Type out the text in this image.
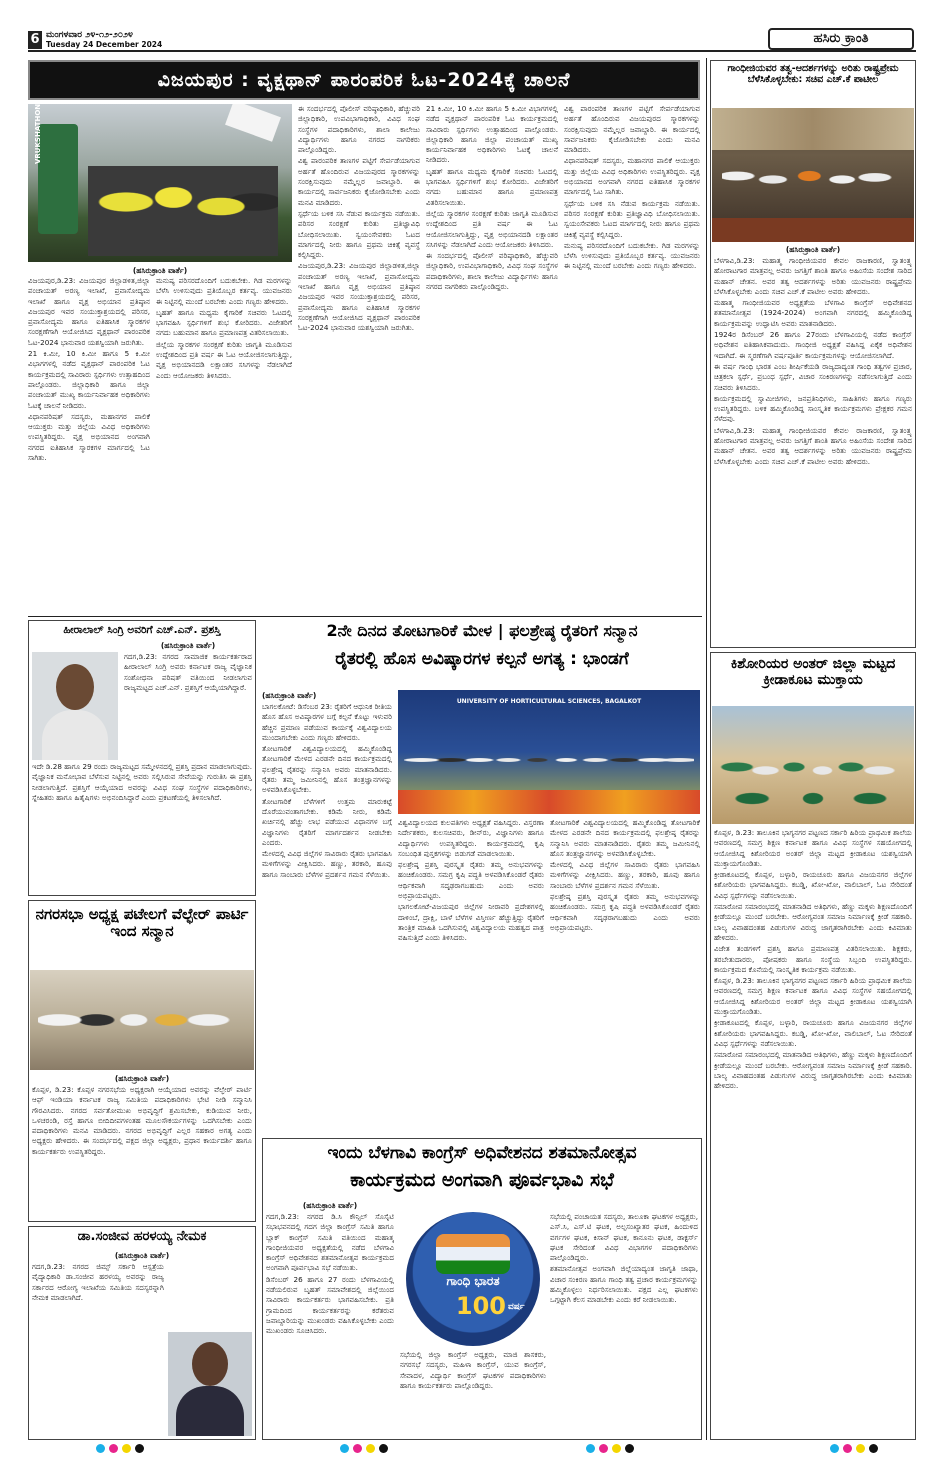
6 ಮಂಗಳವಾರ ೨೪-೧೨-೨೦೨೪
Tuesday 24 December 2024	ಹಸಿರು ಕ್ರಾಂತಿ
ವಿಜಯಪುರ : ವೃಕ್ಷಥಾನ್ ಪಾರಂಪರಿಕ ಓಟ-2024ಕ್ಕೆ ಚಾಲನೆ
VRUKSHATHON
(ಹಸಿರುಕ್ರಾಂತಿ ವಾರ್ತೆ)

ವಿಜಯಪುರ,ಡಿ.23: ವಿಜಯಪುರ ಜಿಲ್ಲಾಡಳಿತ,ಜಿಲ್ಲಾ ಪಂಚಾಯತ್ ಅರಣ್ಯ ಇಲಾಖೆ, ಪ್ರವಾಸೋದ್ಯಮ ಇಲಾಖೆ ಹಾಗೂ ವೃಕ್ಷ ಅಭಿಯಾನ ಪ್ರತಿಷ್ಠಾನ ವಿಜಯಪುರ ಇವರ ಸಂಯುಕ್ತಾಶ್ರಯದಲ್ಲಿ ಪರಿಸರ, ಪ್ರವಾಸೋದ್ಯಮ ಹಾಗೂ ಐತಿಹಾಸಿಕ ಸ್ಮಾರಕಗಳ ಸಂರಕ್ಷಣೆಗಾಗಿ ಆಯೋಜಿಸಿದ ವೃಕ್ಷಥಾನ್ ಪಾರಂಪರಿಕ ಓಟ-2024 ಭಾನುವಾರ ಯಶಸ್ವಿಯಾಗಿ ಜರುಗಿತು.

21 ಕಿ.ಮೀ, 10 ಕಿ.ಮೀ ಹಾಗೂ 5 ಕಿ.ಮೀ ವಿಭಾಗಗಳಲ್ಲಿ ನಡೆದ ವೃಕ್ಷಥಾನ್ ಪಾರಂಪರಿಕ ಓಟ ಕಾರ್ಯಕ್ರಮದಲ್ಲಿ ಸಾವಿರಾರು ಸ್ಪರ್ಧಿಗಳು ಉತ್ಸಾಹದಿಂದ ಪಾಲ್ಗೊಂಡರು. ಜಿಲ್ಲಾಧಿಕಾರಿ ಹಾಗೂ ಜಿಲ್ಲಾ ಪಂಚಾಯತ್ ಮುಖ್ಯ ಕಾರ್ಯನಿರ್ವಾಹಕ ಅಧಿಕಾರಿಗಳು ಓಟಕ್ಕೆ ಚಾಲನೆ ನೀಡಿದರು.

ವಿಧಾನಪರಿಷತ್ ಸದಸ್ಯರು, ಮಹಾನಗರ ಪಾಲಿಕೆ ಆಯುಕ್ತರು ಮತ್ತು ಜಿಲ್ಲೆಯ ವಿವಿಧ ಅಧಿಕಾರಿಗಳು ಉಪಸ್ಥಿತರಿದ್ದರು. ವೃಕ್ಷ ಅಭಿಯಾನದ ಅಂಗವಾಗಿ ನಗರದ ಐತಿಹಾಸಿಕ ಸ್ಮಾರಕಗಳ ಮಾರ್ಗದಲ್ಲಿ ಓಟ ಸಾಗಿತು.

ಮನುಷ್ಯ ಪರಿಸರದೊಂದಿಗೆ ಬದುಕಬೇಕು. ಗಿಡ ಮರಗಳನ್ನು ಬೆಳೆಸಿ ಉಳಿಸುವುದು ಪ್ರತಿಯೊಬ್ಬರ ಕರ್ತವ್ಯ. ಯುವಜನರು ಈ ನಿಟ್ಟಿನಲ್ಲಿ ಮುಂದೆ ಬರಬೇಕು ಎಂದು ಗಣ್ಯರು ಹೇಳಿದರು.

ಬೃಹತ್ ಹಾಗೂ ಮಧ್ಯಮ ಕೈಗಾರಿಕೆ ಸಚಿವರು ಓಟದಲ್ಲಿ ಭಾಗವಹಿಸಿ ಸ್ಪರ್ಧಿಗಳಿಗೆ ಶುಭ ಕೋರಿದರು. ವಿಜೇತರಿಗೆ ನಗದು ಬಹುಮಾನ ಹಾಗೂ ಪ್ರಮಾಣಪತ್ರ ವಿತರಿಸಲಾಯಿತು.

ಜಿಲ್ಲೆಯ ಸ್ಮಾರಕಗಳ ಸಂರಕ್ಷಣೆ ಕುರಿತು ಜಾಗೃತಿ ಮೂಡಿಸುವ ಉದ್ದೇಶದಿಂದ ಪ್ರತಿ ವರ್ಷ ಈ ಓಟ ಆಯೋಜಿಸಲಾಗುತ್ತಿದ್ದು, ವೃಕ್ಷ ಅಭಿಯಾನದಡಿ ಲಕ್ಷಾಂತರ ಸಸಿಗಳನ್ನು ನೆಡಲಾಗಿದೆ ಎಂದು ಆಯೋಜಕರು ತಿಳಿಸಿದರು.

ಈ ಸಂದರ್ಭದಲ್ಲಿ ಪೊಲೀಸ್ ವರಿಷ್ಠಾಧಿಕಾರಿ, ಹೆಚ್ಚುವರಿ ಜಿಲ್ಲಾಧಿಕಾರಿ, ಉಪವಿಭಾಗಾಧಿಕಾರಿ, ವಿವಿಧ ಸಂಘ ಸಂಸ್ಥೆಗಳ ಪದಾಧಿಕಾರಿಗಳು, ಶಾಲಾ ಕಾಲೇಜು ವಿದ್ಯಾರ್ಥಿಗಳು ಹಾಗೂ ನಗರದ ನಾಗರಿಕರು ಪಾಲ್ಗೊಂಡಿದ್ದರು.

ವಿಶ್ವ ಪಾರಂಪರಿಕ ತಾಣಗಳ ಪಟ್ಟಿಗೆ ಸೇರ್ಪಡೆಯಾಗುವ ಅರ್ಹತೆ ಹೊಂದಿರುವ ವಿಜಯಪುರದ ಸ್ಮಾರಕಗಳನ್ನು ಸಂರಕ್ಷಿಸುವುದು ನಮ್ಮೆಲ್ಲರ ಜವಾಬ್ದಾರಿ. ಈ ಕಾರ್ಯದಲ್ಲಿ ಸಾರ್ವಜನಿಕರು ಕೈಜೋಡಿಸಬೇಕು ಎಂದು ಮನವಿ ಮಾಡಿದರು.

ಸ್ಪರ್ಧೆಯ ಬಳಿಕ ಸಸಿ ನೆಡುವ ಕಾರ್ಯಕ್ರಮ ನಡೆಯಿತು. ಪರಿಸರ ಸಂರಕ್ಷಣೆ ಕುರಿತು ಪ್ರತಿಜ್ಞಾವಿಧಿ ಬೋಧಿಸಲಾಯಿತು. ಸ್ವಯಂಸೇವಕರು ಓಟದ ಮಾರ್ಗದಲ್ಲಿ ನೀರು ಹಾಗೂ ಪ್ರಥಮ ಚಿಕಿತ್ಸೆ ವ್ಯವಸ್ಥೆ ಕಲ್ಪಿಸಿದ್ದರು.

ವಿಜಯಪುರ,ಡಿ.23: ವಿಜಯಪುರ ಜಿಲ್ಲಾಡಳಿತ,ಜಿಲ್ಲಾ ಪಂಚಾಯತ್ ಅರಣ್ಯ ಇಲಾಖೆ, ಪ್ರವಾಸೋದ್ಯಮ ಇಲಾಖೆ ಹಾಗೂ ವೃಕ್ಷ ಅಭಿಯಾನ ಪ್ರತಿಷ್ಠಾನ ವಿಜಯಪುರ ಇವರ ಸಂಯುಕ್ತಾಶ್ರಯದಲ್ಲಿ ಪರಿಸರ, ಪ್ರವಾಸೋದ್ಯಮ ಹಾಗೂ ಐತಿಹಾಸಿಕ ಸ್ಮಾರಕಗಳ ಸಂರಕ್ಷಣೆಗಾಗಿ ಆಯೋಜಿಸಿದ ವೃಕ್ಷಥಾನ್ ಪಾರಂಪರಿಕ ಓಟ-2024 ಭಾನುವಾರ ಯಶಸ್ವಿಯಾಗಿ ಜರುಗಿತು.

21 ಕಿ.ಮೀ, 10 ಕಿ.ಮೀ ಹಾಗೂ 5 ಕಿ.ಮೀ ವಿಭಾಗಗಳಲ್ಲಿ ನಡೆದ ವೃಕ್ಷಥಾನ್ ಪಾರಂಪರಿಕ ಓಟ ಕಾರ್ಯಕ್ರಮದಲ್ಲಿ ಸಾವಿರಾರು ಸ್ಪರ್ಧಿಗಳು ಉತ್ಸಾಹದಿಂದ ಪಾಲ್ಗೊಂಡರು. ಜಿಲ್ಲಾಧಿಕಾರಿ ಹಾಗೂ ಜಿಲ್ಲಾ ಪಂಚಾಯತ್ ಮುಖ್ಯ ಕಾರ್ಯನಿರ್ವಾಹಕ ಅಧಿಕಾರಿಗಳು ಓಟಕ್ಕೆ ಚಾಲನೆ ನೀಡಿದರು.

ಬೃಹತ್ ಹಾಗೂ ಮಧ್ಯಮ ಕೈಗಾರಿಕೆ ಸಚಿವರು ಓಟದಲ್ಲಿ ಭಾಗವಹಿಸಿ ಸ್ಪರ್ಧಿಗಳಿಗೆ ಶುಭ ಕೋರಿದರು. ವಿಜೇತರಿಗೆ ನಗದು ಬಹುಮಾನ ಹಾಗೂ ಪ್ರಮಾಣಪತ್ರ ವಿತರಿಸಲಾಯಿತು.

ಜಿಲ್ಲೆಯ ಸ್ಮಾರಕಗಳ ಸಂರಕ್ಷಣೆ ಕುರಿತು ಜಾಗೃತಿ ಮೂಡಿಸುವ ಉದ್ದೇಶದಿಂದ ಪ್ರತಿ ವರ್ಷ ಈ ಓಟ ಆಯೋಜಿಸಲಾಗುತ್ತಿದ್ದು, ವೃಕ್ಷ ಅಭಿಯಾನದಡಿ ಲಕ್ಷಾಂತರ ಸಸಿಗಳನ್ನು ನೆಡಲಾಗಿದೆ ಎಂದು ಆಯೋಜಕರು ತಿಳಿಸಿದರು.

ಈ ಸಂದರ್ಭದಲ್ಲಿ ಪೊಲೀಸ್ ವರಿಷ್ಠಾಧಿಕಾರಿ, ಹೆಚ್ಚುವರಿ ಜಿಲ್ಲಾಧಿಕಾರಿ, ಉಪವಿಭಾಗಾಧಿಕಾರಿ, ವಿವಿಧ ಸಂಘ ಸಂಸ್ಥೆಗಳ ಪದಾಧಿಕಾರಿಗಳು, ಶಾಲಾ ಕಾಲೇಜು ವಿದ್ಯಾರ್ಥಿಗಳು ಹಾಗೂ ನಗರದ ನಾಗರಿಕರು ಪಾಲ್ಗೊಂಡಿದ್ದರು.

ವಿಶ್ವ ಪಾರಂಪರಿಕ ತಾಣಗಳ ಪಟ್ಟಿಗೆ ಸೇರ್ಪಡೆಯಾಗುವ ಅರ್ಹತೆ ಹೊಂದಿರುವ ವಿಜಯಪುರದ ಸ್ಮಾರಕಗಳನ್ನು ಸಂರಕ್ಷಿಸುವುದು ನಮ್ಮೆಲ್ಲರ ಜವಾಬ್ದಾರಿ. ಈ ಕಾರ್ಯದಲ್ಲಿ ಸಾರ್ವಜನಿಕರು ಕೈಜೋಡಿಸಬೇಕು ಎಂದು ಮನವಿ ಮಾಡಿದರು.

ವಿಧಾನಪರಿಷತ್ ಸದಸ್ಯರು, ಮಹಾನಗರ ಪಾಲಿಕೆ ಆಯುಕ್ತರು ಮತ್ತು ಜಿಲ್ಲೆಯ ವಿವಿಧ ಅಧಿಕಾರಿಗಳು ಉಪಸ್ಥಿತರಿದ್ದರು. ವೃಕ್ಷ ಅಭಿಯಾನದ ಅಂಗವಾಗಿ ನಗರದ ಐತಿಹಾಸಿಕ ಸ್ಮಾರಕಗಳ ಮಾರ್ಗದಲ್ಲಿ ಓಟ ಸಾಗಿತು.

ಸ್ಪರ್ಧೆಯ ಬಳಿಕ ಸಸಿ ನೆಡುವ ಕಾರ್ಯಕ್ರಮ ನಡೆಯಿತು. ಪರಿಸರ ಸಂರಕ್ಷಣೆ ಕುರಿತು ಪ್ರತಿಜ್ಞಾವಿಧಿ ಬೋಧಿಸಲಾಯಿತು. ಸ್ವಯಂಸೇವಕರು ಓಟದ ಮಾರ್ಗದಲ್ಲಿ ನೀರು ಹಾಗೂ ಪ್ರಥಮ ಚಿಕಿತ್ಸೆ ವ್ಯವಸ್ಥೆ ಕಲ್ಪಿಸಿದ್ದರು.

ಮನುಷ್ಯ ಪರಿಸರದೊಂದಿಗೆ ಬದುಕಬೇಕು. ಗಿಡ ಮರಗಳನ್ನು ಬೆಳೆಸಿ ಉಳಿಸುವುದು ಪ್ರತಿಯೊಬ್ಬರ ಕರ್ತವ್ಯ. ಯುವಜನರು ಈ ನಿಟ್ಟಿನಲ್ಲಿ ಮುಂದೆ ಬರಬೇಕು ಎಂದು ಗಣ್ಯರು ಹೇಳಿದರು.

ಗಾಂಧೀಜಿಯವರ ತತ್ವ-ಆದರ್ಶಗಳನ್ನು ಅರಿತು ರಾಷ್ಟ್ರಪ್ರೇಮ ಬೆಳೆಸಿಕೊಳ್ಳಬೇಕು: ಸಚಿವ ಎಚ್.ಕೆ ಪಾಟೀಲ
(ಹಸಿರುಕ್ರಾಂತಿ ವಾರ್ತೆ)

ಬೆಳಗಾವಿ,ಡಿ.23: ಮಹಾತ್ಮ ಗಾಂಧೀಜಿಯವರ ಕೇವಲ ರಾಜಕಾರಣಿ, ಸ್ವಾತಂತ್ರ್ಯ ಹೋರಾಟಗಾರ ಮಾತ್ರವಲ್ಲ ಅವರು ಜಗತ್ತಿಗೆ ಶಾಂತಿ ಹಾಗೂ ಅಹಿಂಸೆಯ ಸಂದೇಶ ಸಾರಿದ ಮಹಾನ್ ಚೇತನ. ಅವರ ತತ್ವ ಆದರ್ಶಗಳನ್ನು ಅರಿತು ಯುವಜನರು ರಾಷ್ಟ್ರಪ್ರೇಮ ಬೆಳೆಸಿಕೊಳ್ಳಬೇಕು ಎಂದು ಸಚಿವ ಎಚ್.ಕೆ ಪಾಟೀಲ ಅವರು ಹೇಳಿದರು.

ಮಹಾತ್ಮ ಗಾಂಧೀಜಿಯವರ ಅಧ್ಯಕ್ಷತೆಯ ಬೆಳಗಾವಿ ಕಾಂಗ್ರೆಸ್ ಅಧಿವೇಶನದ ಶತಮಾನೋತ್ಸವ (1924-2024) ಅಂಗವಾಗಿ ನಗರದಲ್ಲಿ ಹಮ್ಮಿಕೊಂಡಿದ್ದ ಕಾರ್ಯಕ್ರಮವನ್ನು ಉದ್ಘಾಟಿಸಿ ಅವರು ಮಾತನಾಡಿದರು.

1924ರ ಡಿಸೆಂಬರ್ 26 ಹಾಗೂ 27ರಂದು ಬೆಳಗಾವಿಯಲ್ಲಿ ನಡೆದ ಕಾಂಗ್ರೆಸ್ ಅಧಿವೇಶನ ಐತಿಹಾಸಿಕವಾದುದು. ಗಾಂಧೀಜಿ ಅಧ್ಯಕ್ಷತೆ ವಹಿಸಿದ್ದ ಏಕೈಕ ಅಧಿವೇಶನ ಇದಾಗಿದೆ. ಈ ಸ್ಮರಣೆಗಾಗಿ ವರ್ಷಪೂರ್ತಿ ಕಾರ್ಯಕ್ರಮಗಳನ್ನು ಆಯೋಜಿಸಲಾಗಿದೆ.

ಈ ವರ್ಷ ಗಾಂಧಿ ಭಾರತ ಎಂಬ ಶೀರ್ಷಿಕೆಯಡಿ ರಾಜ್ಯದಾದ್ಯಂತ ಗಾಂಧಿ ತತ್ವಗಳ ಪ್ರಚಾರ, ಚಿತ್ರಕಲಾ ಸ್ಪರ್ಧೆ, ಪ್ರಬಂಧ ಸ್ಪರ್ಧೆ, ವಿಚಾರ ಸಂಕಿರಣಗಳನ್ನು ನಡೆಸಲಾಗುತ್ತಿದೆ ಎಂದು ಸಚಿವರು ತಿಳಿಸಿದರು.

ಕಾರ್ಯಕ್ರಮದಲ್ಲಿ ಸ್ವಾಮೀಜಿಗಳು, ಜನಪ್ರತಿನಿಧಿಗಳು, ಸಾಹಿತಿಗಳು ಹಾಗೂ ಗಣ್ಯರು ಉಪಸ್ಥಿತರಿದ್ದರು. ಬಳಿಕ ಹಮ್ಮಿಕೊಂಡಿದ್ದ ಸಾಂಸ್ಕೃತಿಕ ಕಾರ್ಯಕ್ರಮಗಳು ಪ್ರೇಕ್ಷಕರ ಗಮನ ಸೆಳೆದವು.

ಬೆಳಗಾವಿ,ಡಿ.23: ಮಹಾತ್ಮ ಗಾಂಧೀಜಿಯವರ ಕೇವಲ ರಾಜಕಾರಣಿ, ಸ್ವಾತಂತ್ರ್ಯ ಹೋರಾಟಗಾರ ಮಾತ್ರವಲ್ಲ ಅವರು ಜಗತ್ತಿಗೆ ಶಾಂತಿ ಹಾಗೂ ಅಹಿಂಸೆಯ ಸಂದೇಶ ಸಾರಿದ ಮಹಾನ್ ಚೇತನ. ಅವರ ತತ್ವ ಆದರ್ಶಗಳನ್ನು ಅರಿತು ಯುವಜನರು ರಾಷ್ಟ್ರಪ್ರೇಮ ಬೆಳೆಸಿಕೊಳ್ಳಬೇಕು ಎಂದು ಸಚಿವ ಎಚ್.ಕೆ ಪಾಟೀಲ ಅವರು ಹೇಳಿದರು.

ಕಿಶೋರಿಯರ ಅಂತರ್ ಜಿಲ್ಲಾ ಮಟ್ಟದ ಕ್ರೀಡಾಕೂಟ ಮುಕ್ತಾಯ

ಕೊಪ್ಪಳ, ಡಿ.23: ತಾಲೂಕಿನ ಭಾಗ್ಯನಗರ ಪಟ್ಟಣದ ಸರ್ಕಾರಿ ಹಿರಿಯ ಪ್ರಾಥಮಿಕ ಶಾಲೆಯ ಆವರಣದಲ್ಲಿ ಸಮಗ್ರ ಶಿಕ್ಷಣ ಕರ್ನಾಟಕ ಹಾಗೂ ವಿವಿಧ ಸಂಸ್ಥೆಗಳ ಸಹಯೋಗದಲ್ಲಿ ಆಯೋಜಿಸಿದ್ದ ಕಿಶೋರಿಯರ ಅಂತರ್ ಜಿಲ್ಲಾ ಮಟ್ಟದ ಕ್ರೀಡಾಕೂಟ ಯಶಸ್ವಿಯಾಗಿ ಮುಕ್ತಾಯಗೊಂಡಿತು.

ಕ್ರೀಡಾಕೂಟದಲ್ಲಿ ಕೊಪ್ಪಳ, ಬಳ್ಳಾರಿ, ರಾಯಚೂರು ಹಾಗೂ ವಿಜಯನಗರ ಜಿಲ್ಲೆಗಳ ಕಿಶೋರಿಯರು ಭಾಗವಹಿಸಿದ್ದರು. ಕಬಡ್ಡಿ, ಖೋ-ಖೋ, ವಾಲಿಬಾಲ್, ಓಟ ಸೇರಿದಂತೆ ವಿವಿಧ ಸ್ಪರ್ಧೆಗಳನ್ನು ನಡೆಸಲಾಯಿತು.

ಸಮಾರೋಪ ಸಮಾರಂಭದಲ್ಲಿ ಮಾತನಾಡಿದ ಅತಿಥಿಗಳು, ಹೆಣ್ಣು ಮಕ್ಕಳು ಶಿಕ್ಷಣದೊಂದಿಗೆ ಕ್ರೀಡೆಯಲ್ಲೂ ಮುಂದೆ ಬರಬೇಕು. ಆರೋಗ್ಯವಂತ ಸಮಾಜ ನಿರ್ಮಾಣಕ್ಕೆ ಕ್ರೀಡೆ ಸಹಕಾರಿ. ಬಾಲ್ಯ ವಿವಾಹದಂತಹ ಪಿಡುಗುಗಳ ವಿರುದ್ಧ ಜಾಗೃತರಾಗಿರಬೇಕು ಎಂದು ಕಿವಿಮಾತು ಹೇಳಿದರು.

ವಿಜೇತ ತಂಡಗಳಿಗೆ ಪ್ರಶಸ್ತಿ ಹಾಗೂ ಪ್ರಮಾಣಪತ್ರ ವಿತರಿಸಲಾಯಿತು. ಶಿಕ್ಷಕರು, ತರಬೇತುದಾರರು, ಪೋಷಕರು ಹಾಗೂ ಸಂಸ್ಥೆಯ ಸಿಬ್ಬಂದಿ ಉಪಸ್ಥಿತರಿದ್ದರು. ಕಾರ್ಯಕ್ರಮದ ಕೊನೆಯಲ್ಲಿ ಸಾಂಸ್ಕೃತಿಕ ಕಾರ್ಯಕ್ರಮ ನಡೆಯಿತು.

ಕೊಪ್ಪಳ, ಡಿ.23: ತಾಲೂಕಿನ ಭಾಗ್ಯನಗರ ಪಟ್ಟಣದ ಸರ್ಕಾರಿ ಹಿರಿಯ ಪ್ರಾಥಮಿಕ ಶಾಲೆಯ ಆವರಣದಲ್ಲಿ ಸಮಗ್ರ ಶಿಕ್ಷಣ ಕರ್ನಾಟಕ ಹಾಗೂ ವಿವಿಧ ಸಂಸ್ಥೆಗಳ ಸಹಯೋಗದಲ್ಲಿ ಆಯೋಜಿಸಿದ್ದ ಕಿಶೋರಿಯರ ಅಂತರ್ ಜಿಲ್ಲಾ ಮಟ್ಟದ ಕ್ರೀಡಾಕೂಟ ಯಶಸ್ವಿಯಾಗಿ ಮುಕ್ತಾಯಗೊಂಡಿತು.

ಕ್ರೀಡಾಕೂಟದಲ್ಲಿ ಕೊಪ್ಪಳ, ಬಳ್ಳಾರಿ, ರಾಯಚೂರು ಹಾಗೂ ವಿಜಯನಗರ ಜಿಲ್ಲೆಗಳ ಕಿಶೋರಿಯರು ಭಾಗವಹಿಸಿದ್ದರು. ಕಬಡ್ಡಿ, ಖೋ-ಖೋ, ವಾಲಿಬಾಲ್, ಓಟ ಸೇರಿದಂತೆ ವಿವಿಧ ಸ್ಪರ್ಧೆಗಳನ್ನು ನಡೆಸಲಾಯಿತು.

ಸಮಾರೋಪ ಸಮಾರಂಭದಲ್ಲಿ ಮಾತನಾಡಿದ ಅತಿಥಿಗಳು, ಹೆಣ್ಣು ಮಕ್ಕಳು ಶಿಕ್ಷಣದೊಂದಿಗೆ ಕ್ರೀಡೆಯಲ್ಲೂ ಮುಂದೆ ಬರಬೇಕು. ಆರೋಗ್ಯವಂತ ಸಮಾಜ ನಿರ್ಮಾಣಕ್ಕೆ ಕ್ರೀಡೆ ಸಹಕಾರಿ. ಬಾಲ್ಯ ವಿವಾಹದಂತಹ ಪಿಡುಗುಗಳ ವಿರುದ್ಧ ಜಾಗೃತರಾಗಿರಬೇಕು ಎಂದು ಕಿವಿಮಾತು ಹೇಳಿದರು.

ಹೀರಾಲಾಲ್ ಸಿಂಗ್ರಿ ಅವರಿಗೆ ಎಚ್.ಎನ್. ಪ್ರಶಸ್ತಿ
(ಹಸಿರುಕ್ರಾಂತಿ ವಾರ್ತೆ)
ಗದಗ,ಡಿ.23: ನಗರದ ಸಾಮಾಜಿಕ ಕಾರ್ಯಕರ್ತರಾದ ಹೀರಾಲಾಲ್ ಸಿಂಗ್ರಿ ಅವರು ಕರ್ನಾಟಕ ರಾಜ್ಯ ವೈಜ್ಞಾನಿಕ ಸಂಶೋಧನಾ ಪರಿಷತ್ ವತಿಯಿಂದ ನೀಡಲಾಗುವ ರಾಜ್ಯಮಟ್ಟದ ಎಚ್.ಎನ್. ಪ್ರಶಸ್ತಿಗೆ ಆಯ್ಕೆಯಾಗಿದ್ದಾರೆ.
ಇದೇ ಡಿ.28 ಹಾಗೂ 29 ರಂದು ರಾಜ್ಯಮಟ್ಟದ ಸಮ್ಮೇಳನದಲ್ಲಿ ಪ್ರಶಸ್ತಿ ಪ್ರದಾನ ಮಾಡಲಾಗುವುದು. ವೈಜ್ಞಾನಿಕ ಮನೋಭಾವ ಬೆಳೆಸುವ ನಿಟ್ಟಿನಲ್ಲಿ ಅವರು ಸಲ್ಲಿಸಿರುವ ಸೇವೆಯನ್ನು ಗುರುತಿಸಿ ಈ ಪ್ರಶಸ್ತಿ ನೀಡಲಾಗುತ್ತಿದೆ. ಪ್ರಶಸ್ತಿಗೆ ಆಯ್ಕೆಯಾದ ಅವರನ್ನು ವಿವಿಧ ಸಂಘ ಸಂಸ್ಥೆಗಳ ಪದಾಧಿಕಾರಿಗಳು, ಸ್ನೇಹಿತರು ಹಾಗೂ ಹಿತೈಷಿಗಳು ಅಭಿನಂದಿಸಿದ್ದಾರೆ ಎಂದು ಪ್ರಕಟಣೆಯಲ್ಲಿ ತಿಳಿಸಲಾಗಿದೆ.
ನಗರಸಭಾ ಅಧ್ಯಕ್ಷ ಪಟೇಲಗೆ ವೆಲ್ಫೇರ್ ಪಾರ್ಟಿ ಇಂದ ಸನ್ಮಾನ
(ಹಸಿರುಕ್ರಾಂತಿ ವಾರ್ತೆ)
ಕೊಪ್ಪಳ, ಡಿ.23: ಕೊಪ್ಪಳ ನಗರಸಭೆಯ ಅಧ್ಯಕ್ಷರಾಗಿ ಆಯ್ಕೆಯಾದ ಅವರನ್ನು ವೆಲ್ಫೇರ್ ಪಾರ್ಟಿ ಆಫ್ ಇಂಡಿಯಾ ಕರ್ನಾಟಕ ರಾಜ್ಯ ಸಮಿತಿಯ ಪದಾಧಿಕಾರಿಗಳು ಭೇಟಿ ನೀಡಿ ಸನ್ಮಾನಿಸಿ ಗೌರವಿಸಿದರು. ನಗರದ ಸರ್ವತೋಮುಖ ಅಭಿವೃದ್ಧಿಗೆ ಶ್ರಮಿಸಬೇಕು, ಕುಡಿಯುವ ನೀರು, ಒಳಚರಂಡಿ, ರಸ್ತೆ ಹಾಗೂ ಬೀದಿದೀಪಗಳಂತಹ ಮೂಲಸೌಕರ್ಯಗಳನ್ನು ಒದಗಿಸಬೇಕು ಎಂದು ಪದಾಧಿಕಾರಿಗಳು ಮನವಿ ಮಾಡಿದರು. ನಗರದ ಅಭಿವೃದ್ಧಿಗೆ ಎಲ್ಲರ ಸಹಕಾರ ಅಗತ್ಯ ಎಂದು ಅಧ್ಯಕ್ಷರು ಹೇಳಿದರು. ಈ ಸಂದರ್ಭದಲ್ಲಿ ಪಕ್ಷದ ಜಿಲ್ಲಾ ಅಧ್ಯಕ್ಷರು, ಪ್ರಧಾನ ಕಾರ್ಯದರ್ಶಿ ಹಾಗೂ ಕಾರ್ಯಕರ್ತರು ಉಪಸ್ಥಿತರಿದ್ದರು.
ಡಾ.ಸಂಜೀವ ಹರಳಯ್ಯ ನೇಮಕ
(ಹಸಿರುಕ್ರಾಂತಿ ವಾರ್ತೆ)
ಗದಗ,ಡಿ.23: ನಗರದ ಜಿಮ್ಸ್ ಸರ್ಕಾರಿ ಆಸ್ಪತ್ರೆಯ ವೈದ್ಯಾಧಿಕಾರಿ ಡಾ.ಸಂಜೀವ ಹರಳಯ್ಯ ಅವರನ್ನು ರಾಜ್ಯ ಸರ್ಕಾರದ ಆರೋಗ್ಯ ಇಲಾಖೆಯ ಸಮಿತಿಯ ಸದಸ್ಯರನ್ನಾಗಿ ನೇಮಕ ಮಾಡಲಾಗಿದೆ.
2ನೇ ದಿನದ ತೋಟಗಾರಿಕೆ ಮೇಳ | ಫಲಶ್ರೇಷ್ಠ ರೈತರಿಗೆ ಸನ್ಮಾನ
ರೈತರಲ್ಲಿ ಹೊಸ ಅವಿಷ್ಕಾರಗಳ ಕಲ್ಪನೆ ಅಗತ್ಯ : ಭಾಂಡಗೆ
(ಹಸಿರುಕ್ರಾಂತಿ ವಾರ್ತೆ)

ಬಾಗಲಕೋಟೆ: ಡಿಸೆಂಬರ 23: ರೈತರಿಗೆ ಆಧುನಿಕ ರೀತಿಯ ಹೊಸ ಹೊಸ ಅವಿಷ್ಕಾರಗಳ ಬಗ್ಗೆ ಕಲ್ಪನೆ ಕೊಟ್ಟು ಇಳುವರಿ ಹೆಚ್ಚಿನ ಪ್ರಮಾಣ ಪಡೆಯುವ ಕಾರ್ಯಕ್ಕೆ ವಿಶ್ವವಿದ್ಯಾಲಯ ಮುಂದಾಗಬೇಕು ಎಂದು ಗಣ್ಯರು ಹೇಳಿದರು.

ತೋಟಗಾರಿಕೆ ವಿಶ್ವವಿದ್ಯಾಲಯದಲ್ಲಿ ಹಮ್ಮಿಕೊಂಡಿದ್ದ ತೋಟಗಾರಿಕೆ ಮೇಳದ ಎರಡನೇ ದಿನದ ಕಾರ್ಯಕ್ರಮದಲ್ಲಿ ಫಲಶ್ರೇಷ್ಠ ರೈತರನ್ನು ಸನ್ಮಾನಿಸಿ ಅವರು ಮಾತನಾಡಿದರು. ರೈತರು ತಮ್ಮ ಜಮೀನಿನಲ್ಲಿ ಹೊಸ ತಂತ್ರಜ್ಞಾನಗಳನ್ನು ಅಳವಡಿಸಿಕೊಳ್ಳಬೇಕು.

ತೋಟಗಾರಿಕೆ ಬೆಳೆಗಳಿಗೆ ಉತ್ತಮ ಮಾರುಕಟ್ಟೆ ದೊರೆಯುವಂತಾಗಬೇಕು. ಕಡಿಮೆ ನೀರು, ಕಡಿಮೆ ಖರ್ಚಿನಲ್ಲಿ ಹೆಚ್ಚು ಲಾಭ ಪಡೆಯುವ ವಿಧಾನಗಳ ಬಗ್ಗೆ ವಿಜ್ಞಾನಿಗಳು ರೈತರಿಗೆ ಮಾರ್ಗದರ್ಶನ ನೀಡಬೇಕು ಎಂದರು.

ಮೇಳದಲ್ಲಿ ವಿವಿಧ ಜಿಲ್ಲೆಗಳ ಸಾವಿರಾರು ರೈತರು ಭಾಗವಹಿಸಿ ಮಳಿಗೆಗಳನ್ನು ವೀಕ್ಷಿಸಿದರು. ಹಣ್ಣು, ತರಕಾರಿ, ಹೂವು ಹಾಗೂ ಸಾಂಬಾರು ಬೆಳೆಗಳ ಪ್ರದರ್ಶನ ಗಮನ ಸೆಳೆಯಿತು.

UNIVERSITY OF HORTICULTURAL SCIENCES, BAGALKOT

ವಿಶ್ವವಿದ್ಯಾಲಯದ ಕುಲಪತಿಗಳು ಅಧ್ಯಕ್ಷತೆ ವಹಿಸಿದ್ದರು. ವಿಸ್ತರಣಾ ನಿರ್ದೇಶಕರು, ಕುಲಸಚಿವರು, ಡೀನ್‌ರು, ವಿಜ್ಞಾನಿಗಳು ಹಾಗೂ ವಿದ್ಯಾರ್ಥಿಗಳು ಉಪಸ್ಥಿತರಿದ್ದರು. ಕಾರ್ಯಕ್ರಮದಲ್ಲಿ ಕೃಷಿ ಸಂಬಂಧಿತ ಪುಸ್ತಕಗಳನ್ನು ಬಿಡುಗಡೆ ಮಾಡಲಾಯಿತು.

ಫಲಶ್ರೇಷ್ಠ ಪ್ರಶಸ್ತಿ ಪುರಸ್ಕೃತ ರೈತರು ತಮ್ಮ ಅನುಭವಗಳನ್ನು ಹಂಚಿಕೊಂಡರು. ಸಮಗ್ರ ಕೃಷಿ ಪದ್ಧತಿ ಅಳವಡಿಸಿಕೊಂಡರೆ ರೈತರು ಆರ್ಥಿಕವಾಗಿ ಸದೃಢರಾಗಬಹುದು ಎಂದು ಅವರು ಅಭಿಪ್ರಾಯಪಟ್ಟರು.

ಭಾಗಲಕೋಟೆ-ವಿಜಯಪುರ ಜಿಲ್ಲೆಗಳ ನೀರಾವರಿ ಪ್ರದೇಶಗಳಲ್ಲಿ ದಾಳಿಂಬೆ, ದ್ರಾಕ್ಷಿ, ಬಾಳೆ ಬೆಳೆಗಳ ವಿಸ್ತೀರ್ಣ ಹೆಚ್ಚುತ್ತಿದ್ದು ರೈತರಿಗೆ ತಾಂತ್ರಿಕ ಮಾಹಿತಿ ಒದಗಿಸುವಲ್ಲಿ ವಿಶ್ವವಿದ್ಯಾಲಯ ಮಹತ್ವದ ಪಾತ್ರ ವಹಿಸುತ್ತಿದೆ ಎಂದು ತಿಳಿಸಿದರು.

ತೋಟಗಾರಿಕೆ ವಿಶ್ವವಿದ್ಯಾಲಯದಲ್ಲಿ ಹಮ್ಮಿಕೊಂಡಿದ್ದ ತೋಟಗಾರಿಕೆ ಮೇಳದ ಎರಡನೇ ದಿನದ ಕಾರ್ಯಕ್ರಮದಲ್ಲಿ ಫಲಶ್ರೇಷ್ಠ ರೈತರನ್ನು ಸನ್ಮಾನಿಸಿ ಅವರು ಮಾತನಾಡಿದರು. ರೈತರು ತಮ್ಮ ಜಮೀನಿನಲ್ಲಿ ಹೊಸ ತಂತ್ರಜ್ಞಾನಗಳನ್ನು ಅಳವಡಿಸಿಕೊಳ್ಳಬೇಕು.

ಮೇಳದಲ್ಲಿ ವಿವಿಧ ಜಿಲ್ಲೆಗಳ ಸಾವಿರಾರು ರೈತರು ಭಾಗವಹಿಸಿ ಮಳಿಗೆಗಳನ್ನು ವೀಕ್ಷಿಸಿದರು. ಹಣ್ಣು, ತರಕಾರಿ, ಹೂವು ಹಾಗೂ ಸಾಂಬಾರು ಬೆಳೆಗಳ ಪ್ರದರ್ಶನ ಗಮನ ಸೆಳೆಯಿತು.

ಫಲಶ್ರೇಷ್ಠ ಪ್ರಶಸ್ತಿ ಪುರಸ್ಕೃತ ರೈತರು ತಮ್ಮ ಅನುಭವಗಳನ್ನು ಹಂಚಿಕೊಂಡರು. ಸಮಗ್ರ ಕೃಷಿ ಪದ್ಧತಿ ಅಳವಡಿಸಿಕೊಂಡರೆ ರೈತರು ಆರ್ಥಿಕವಾಗಿ ಸದೃಢರಾಗಬಹುದು ಎಂದು ಅವರು ಅಭಿಪ್ರಾಯಪಟ್ಟರು.

ಇಂದು ಬೆಳಗಾವಿ ಕಾಂಗ್ರೆಸ್ ಅಧಿವೇಶನದ ಶತಮಾನೋತ್ಸವ
ಕಾರ್ಯಕ್ರಮದ ಅಂಗವಾಗಿ ಪೂರ್ವಭಾವಿ ಸಭೆ
(ಹಸಿರುಕ್ರಾಂತಿ ವಾರ್ತೆ)

ಗದಗ,ಡಿ.23: ನಗರದ ಡಿ.ಸಿ ಕೌನ್ಸಿಲ್ ಸೊಸೈಟಿ ಸಭಾಭವನದಲ್ಲಿ ಗದಗ ಜಿಲ್ಲಾ ಕಾಂಗ್ರೆಸ್ ಸಮಿತಿ ಹಾಗೂ ಬ್ಲಾಕ್ ಕಾಂಗ್ರೆಸ್ ಸಮಿತಿ ವತಿಯಿಂದ ಮಹಾತ್ಮ ಗಾಂಧೀಜಿಯವರ ಅಧ್ಯಕ್ಷತೆಯಲ್ಲಿ ನಡೆದ ಬೆಳಗಾವಿ ಕಾಂಗ್ರೆಸ್ ಅಧಿವೇಶನದ ಶತಮಾನೋತ್ಸವ ಕಾರ್ಯಕ್ರಮದ ಅಂಗವಾಗಿ ಪೂರ್ವಭಾವಿ ಸಭೆ ನಡೆಯಿತು.

ಡಿಸೆಂಬರ್ 26 ಹಾಗೂ 27 ರಂದು ಬೆಳಗಾವಿಯಲ್ಲಿ ನಡೆಯಲಿರುವ ಬೃಹತ್ ಸಮಾವೇಶದಲ್ಲಿ ಜಿಲ್ಲೆಯಿಂದ ಸಾವಿರಾರು ಕಾರ್ಯಕರ್ತರು ಭಾಗವಹಿಸಬೇಕು. ಪ್ರತಿ ಗ್ರಾಮದಿಂದ ಕಾರ್ಯಕರ್ತರನ್ನು ಕರೆತರುವ ಜವಾಬ್ದಾರಿಯನ್ನು ಮುಖಂಡರು ವಹಿಸಿಕೊಳ್ಳಬೇಕು ಎಂದು ಮುಖಂಡರು ಸೂಚಿಸಿದರು.

ಗಾಂಧಿ ಭಾರತ
100 ವರ್ಷ

ಸಭೆಯಲ್ಲಿ ಜಿಲ್ಲಾ ಕಾಂಗ್ರೆಸ್ ಅಧ್ಯಕ್ಷರು, ಮಾಜಿ ಶಾಸಕರು, ನಗರಸಭೆ ಸದಸ್ಯರು, ಮಹಿಳಾ ಕಾಂಗ್ರೆಸ್, ಯುವ ಕಾಂಗ್ರೆಸ್, ಸೇವಾದಳ, ವಿದ್ಯಾರ್ಥಿ ಕಾಂಗ್ರೆಸ್ ಘಟಕಗಳ ಪದಾಧಿಕಾರಿಗಳು ಹಾಗೂ ಕಾರ್ಯಕರ್ತರು ಪಾಲ್ಗೊಂಡಿದ್ದರು.

ಸಭೆಯಲ್ಲಿ ಪಂಚಾಯತ ಸದಸ್ಯರು, ತಾಲೂಕಾ ಘಟಕಗಳ ಅಧ್ಯಕ್ಷರು, ಎಸ್.ಸಿ, ಎಸ್.ಟಿ ಘಟಕ, ಅಲ್ಪಸಂಖ್ಯಾತರ ಘಟಕ, ಹಿಂದುಳಿದ ವರ್ಗಗಳ ಘಟಕ, ಕಿಸಾನ್ ಘಟಕ, ಕಾನೂನು ಘಟಕ, ಡಾಕ್ಟರ್ಸ್ ಘಟಕ ಸೇರಿದಂತೆ ವಿವಿಧ ವಿಭಾಗಗಳ ಪದಾಧಿಕಾರಿಗಳು ಪಾಲ್ಗೊಂಡಿದ್ದರು.

ಶತಮಾನೋತ್ಸವ ಅಂಗವಾಗಿ ಜಿಲ್ಲೆಯಾದ್ಯಂತ ಜಾಗೃತಿ ಜಾಥಾ, ವಿಚಾರ ಸಂಕಿರಣ ಹಾಗೂ ಗಾಂಧಿ ತತ್ವ ಪ್ರಚಾರ ಕಾರ್ಯಕ್ರಮಗಳನ್ನು ಹಮ್ಮಿಕೊಳ್ಳಲು ನಿರ್ಧರಿಸಲಾಯಿತು. ಪಕ್ಷದ ಎಲ್ಲ ಘಟಕಗಳು ಒಗ್ಗಟ್ಟಾಗಿ ಕೆಲಸ ಮಾಡಬೇಕು ಎಂದು ಕರೆ ನೀಡಲಾಯಿತು.
